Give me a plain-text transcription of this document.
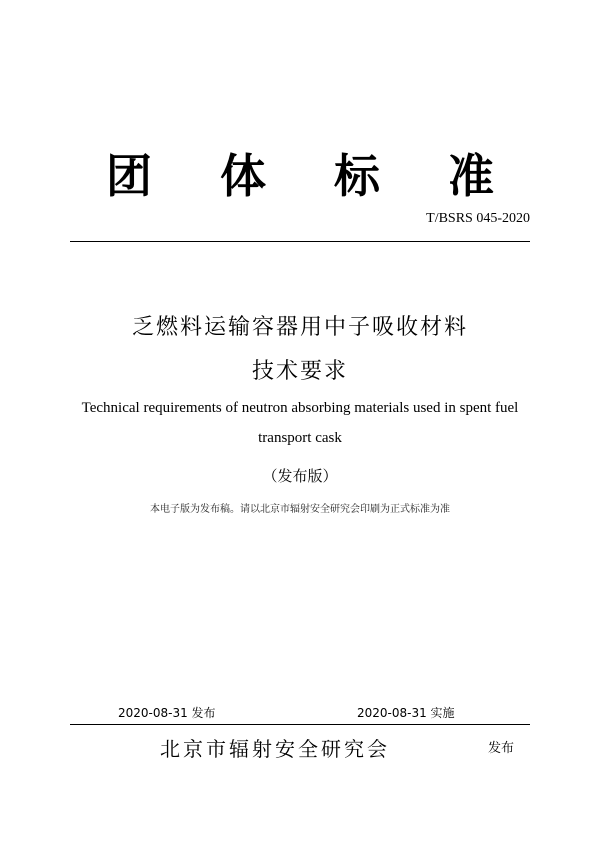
团 体 标 准
T/BSRS 045-2020
乏燃料运输容器用中子吸收材料
技术要求
Technical requirements of neutron absorbing materials used in spent fuel
transport cask
（发布版）
本电子版为发布稿。请以北京市辐射安全研究会印刷为正式标准为准
2020-08-31 发布	2020-08-31 实施
北京市辐射安全研究会	发布
